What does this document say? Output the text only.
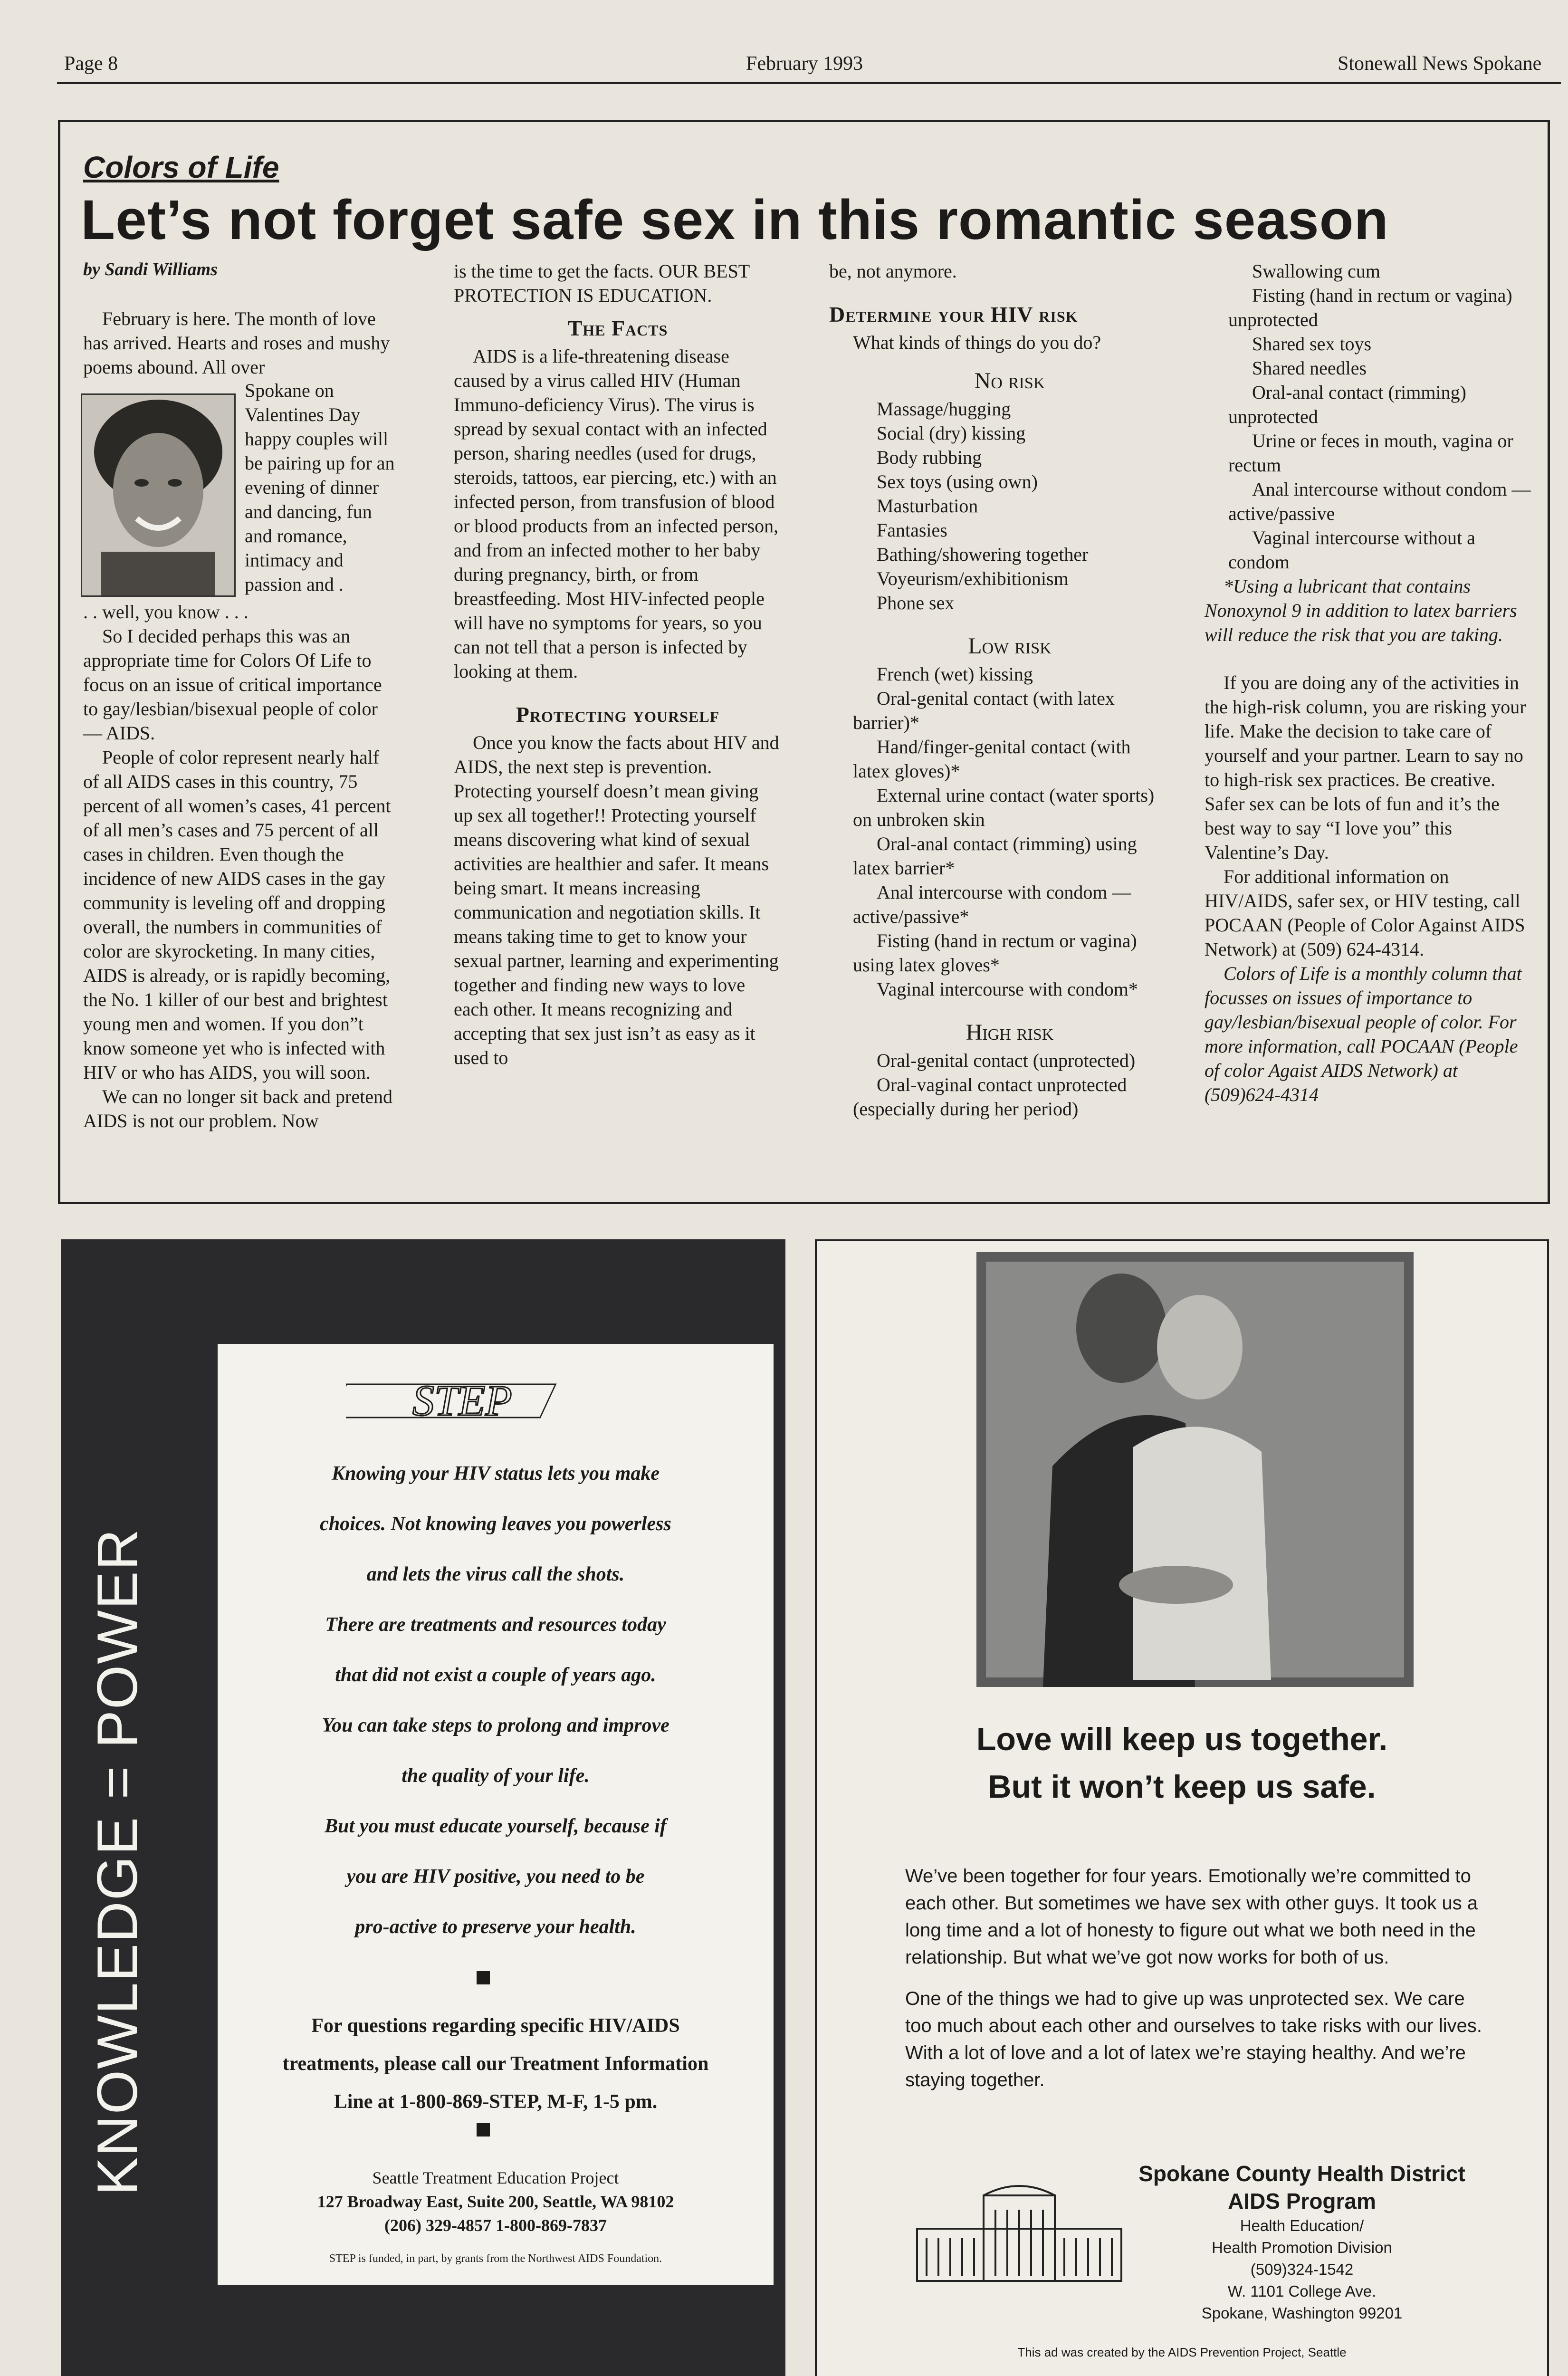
Page 8	February 1993	Stonewall News Spokane
Colors of Life
Let’s not forget safe sex in this romantic season
by Sandi Williams

February is here. The month of love has arrived. Hearts and roses and mushy poems abound. All over

Spokane on Valentines Day happy couples will be pairing up for an evening of dinner and dancing, fun and romance, intimacy and passion and .

. . well, you know . . .

So I decided perhaps this was an appropriate time for Colors Of Life to focus on an issue of critical importance to gay/lesbian/bisexual people of color — AIDS.

People of color represent nearly half of all AIDS cases in this country, 75 percent of all women’s cases, 41 percent of all men’s cases and 75 percent of all cases in children. Even though the incidence of new AIDS cases in the gay community is leveling off and dropping overall, the numbers in communities of color are skyrocketing. In many cities, AIDS is already, or is rapidly becoming, the No. 1 killer of our best and brightest young men and women. If you don”t know someone yet who is infected with HIV or who has AIDS, you will soon.

We can no longer sit back and pretend AIDS is not our problem. Now

is the time to get the facts. OUR BEST PROTECTION IS EDUCATION.

The Facts

AIDS is a life-threatening disease caused by a virus called HIV (Human Immuno-deficiency Virus). The virus is spread by sexual contact with an infected person, sharing needles (used for drugs, steroids, tattoos, ear piercing, etc.) with an infected person, from transfusion of blood or blood products from an infected person, and from an infected mother to her baby during pregnancy, birth, or from breastfeeding. Most HIV-infected people will have no symptoms for years, so you can not tell that a person is infected by looking at them.

Protecting yourself

Once you know the facts about HIV and AIDS, the next step is prevention. Protecting yourself doesn’t mean giving up sex all together!! Protecting yourself means discovering what kind of sexual activities are healthier and safer. It means being smart. It means increasing communication and negotiation skills. It means taking time to get to know your sexual partner, learning and experimenting together and finding new ways to love each other. It means recognizing and accepting that sex just isn’t as easy as it used to

be, not anymore.
Determine your HIV risk
What kinds of things do you do?
No risk
Massage/hugging
Social (dry) kissing
Body rubbing
Sex toys (using own)
Masturbation
Fantasies
Bathing/showering together
Voyeurism/exhibitionism
Phone sex
Low risk
French (wet) kissing
Oral-genital contact (with latex barrier)*
Hand/finger-genital contact (with latex gloves)*
External urine contact (water sports) on unbroken skin
Oral-anal contact (rimming) using latex barrier*
Anal intercourse with condom — active/passive*
Fisting (hand in rectum or vagina) using latex gloves*
Vaginal intercourse with condom*
High risk
Oral-genital contact (unprotected)
Oral-vaginal contact unprotected (especially during her period)
Swallowing cum
Fisting (hand in rectum or vagina) unprotected
Shared sex toys
Shared needles
Oral-anal contact (rimming) unprotected
Urine or feces in mouth, vagina or rectum
Anal intercourse without condom — active/passive
Vaginal intercourse without a condom

*Using a lubricant that contains Nonoxynol 9 in addition to latex barriers will reduce the risk that you are taking.

If you are doing any of the activities in the high-risk column, you are risking your life. Make the decision to take care of yourself and your partner. Learn to say no to high-risk sex practices. Be creative. Safer sex can be lots of fun and it’s the best way to say “I love you” this Valentine’s Day.

For additional information on HIV/AIDS, safer sex, or HIV testing, call POCAAN (People of Color Against AIDS Network) at (509) 624-4314.

Colors of Life is a monthly column that focusses on issues of importance to gay/lesbian/bisexual people of color. For more information, call POCAAN (People of color Agaist AIDS Network) at (509)624-4314

KNOWLEDGE = POWER
STEP
Knowing your HIV status lets you make
choices. Not knowing leaves you powerless
and lets the virus call the shots.
There are treatments and resources today
that did not exist a couple of years ago.
You can take steps to prolong and improve
the quality of your life.
But you must educate yourself, because if
you are HIV positive, you need to be
pro-active to preserve your health.
For questions regarding specific HIV/AIDS treatments, please call our Treatment Information Line at 1-800-869-STEP, M-F, 1-5 pm.
Seattle Treatment Education Project
127 Broadway East, Suite 200, Seattle, WA 98102
(206) 329-4857 1-800-869-7837
STEP is funded, in part, by grants from the Northwest AIDS Foundation.
Love will keep us together.
But it won’t keep us safe.

We’ve been together for four years. Emotionally we’re committed to each other. But sometimes we have sex with other guys. It took us a long time and a lot of honesty to figure out what we both need in the relationship. But what we’ve got now works for both of us.

One of the things we had to give up was unprotected sex. We care too much about each other and ourselves to take risks with our lives. With a lot of love and a lot of latex we’re staying healthy. And we’re staying together.

Spokane County Health District
AIDS Program
Health Education/
Health Promotion Division
(509)324-1542
W. 1101 College Ave.
Spokane, Washington 99201
This ad was created by the AIDS Prevention Project, Seattle
